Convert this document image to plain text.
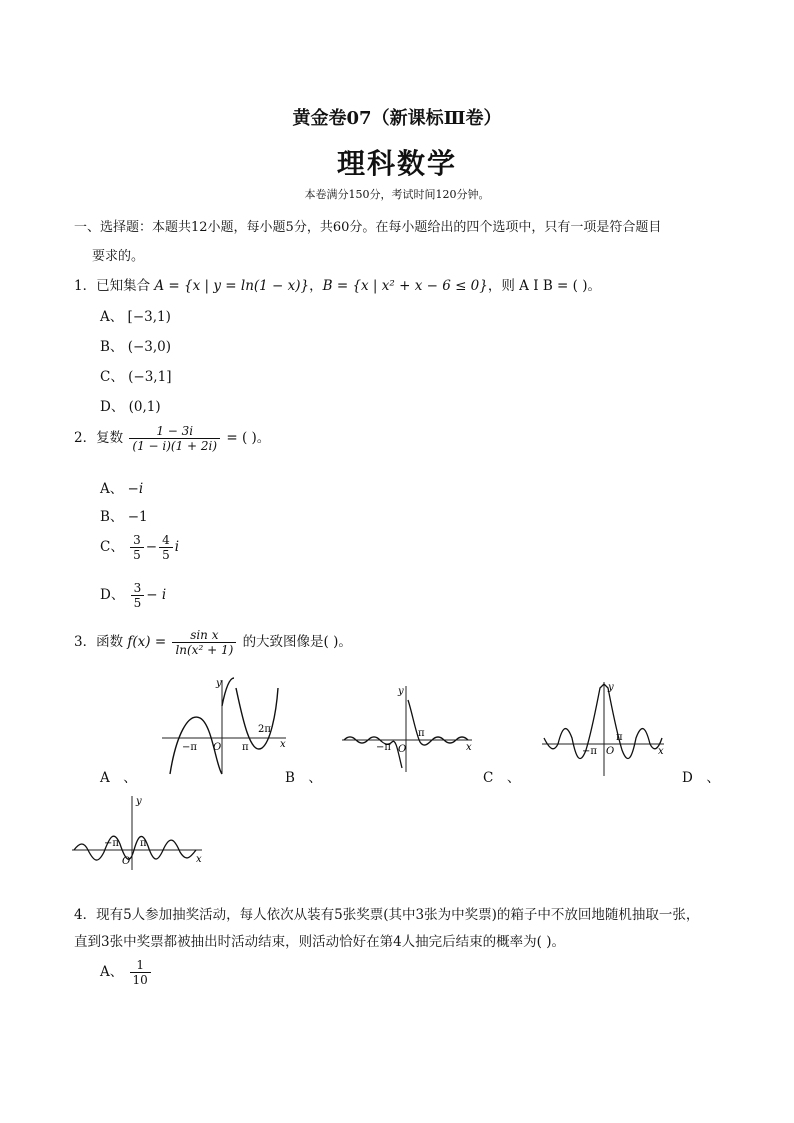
黄金卷07（新课标Ⅲ卷）
理科数学
本卷满分150分，考试时间120分钟。
一、选择题：本题共12小题，每小题5分，共60分。在每小题给出的四个选项中，只有一项是符合题目
要求的。
1．已知集合 A = {x | y = ln(1 − x)}，B = {x | x² + x − 6 ≤ 0}，则 A I B = ( )。
A、 [−3,1)
B、 (−3,0)
C、 (−3,1]
D、 (0,1)
2．复数 $\frac{1 - 3i}{(1 - i)(1 + 2i)}$ = ( )。
A、 −i
B、 −1
C、 $\frac{3}{5} - \frac{4}{5}$ i
D、 $\frac{3}{5} - i$
3．函数 $f(x) = \frac{\text{sin x}}{\text{ln(x² + 1)}}$ 的大致图像是( )。
y
x
O
−π	π
2π
y
x
O
−π
π
y
x
O
−π
π
A　、	B　、	C　、	D　、
y
x
O
−π π
4．现有5人参加抽奖活动，每人依次从装有5张奖票(其中3张为中奖票)的箱子中不放回地随机抽取一张，
直到3张中奖票都被抽出时活动结束，则活动恰好在第4人抽完后结束的概率为( )。
A、 $\frac{1}{10}$
